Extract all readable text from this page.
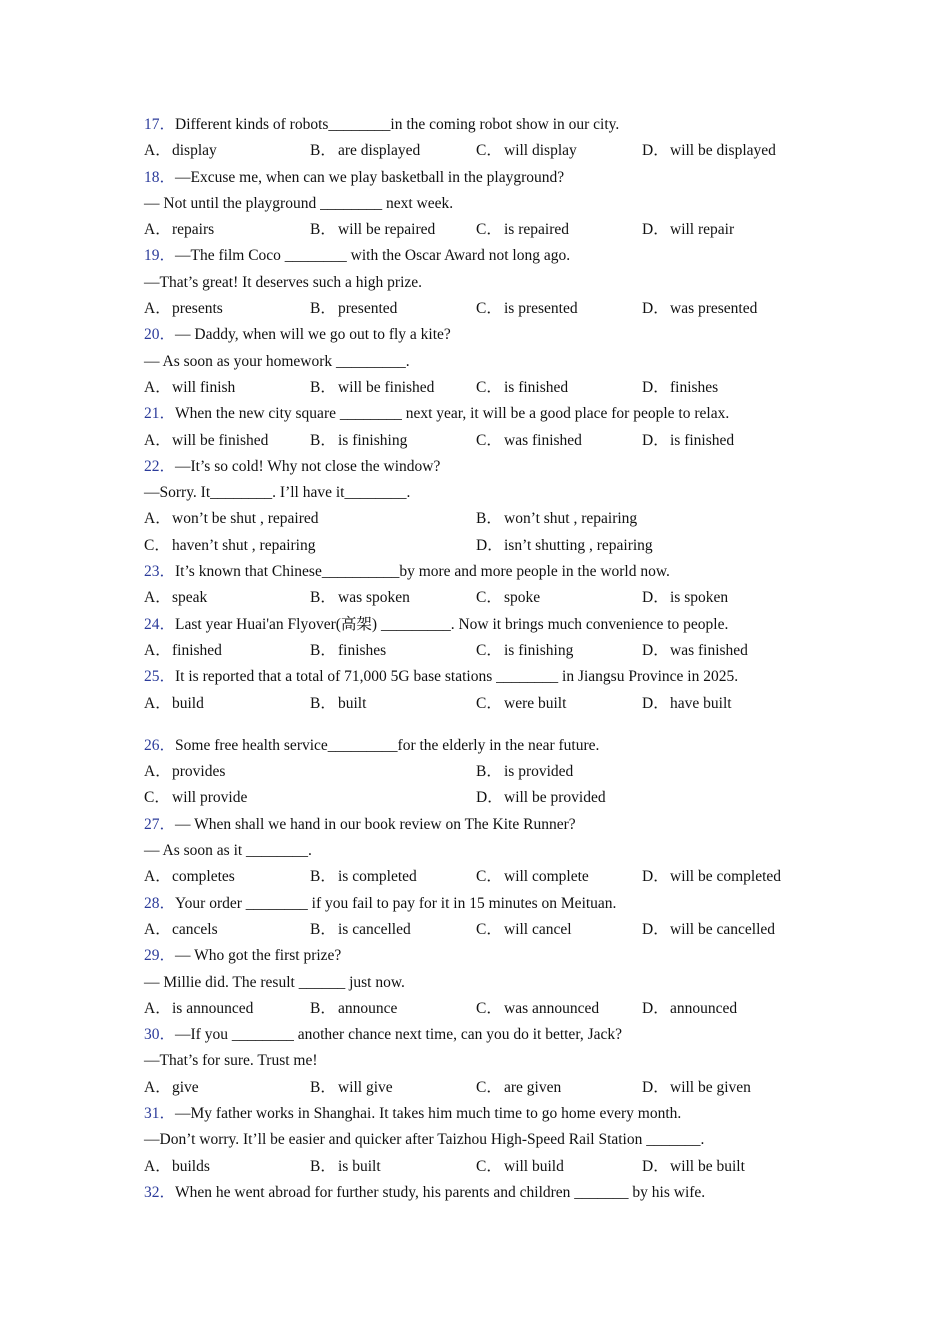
17．Different kinds of robots________in the coming robot show in our city.
A．display	B． are displayed	C． will display	D．will be displayed
18．—Excuse me, when can we play basketball in the playground?
— Not until the playground ________ next week.
A．repairs	B． will be repaired	C． is repaired	D．will repair
19．—The film Coco ________ with the Oscar Award not long ago.
—That’s great! It deserves such a high prize.
A．presents	B． presented	C． is presented	D．was presented
20．— Daddy, when will we go out to fly a kite?
— As soon as your homework _________.
A．will finish	B． will be finished	C． is finished	D．finishes
21．When the new city square ________ next year, it will be a good place for people to relax.
A．will be finished	B． is finishing	C． was finished	D．is finished
22．—It’s so cold! Why not close the window?
—Sorry. It________. I’ll have it________.
A．won’t be shut , repaired	B． won’t shut , repairing
C． haven’t shut , repairing	D．isn’t shutting , repairing
23．It’s known that Chinese__________by more and more people in the world now.
A．speak	B． was spoken	C． spoke	D．is spoken
24．Last year Huai'an Flyover(高架) _________. Now it brings much convenience to people.
A．finished	B． finishes	C． is finishing	D．was finished
25．It is reported that a total of 71,000 5G base stations ________ in Jiangsu Province in 2025.
A．build	B． built	C． were built	D．have built
26．Some free health service_________for the elderly in the near future.
A．provides	B． is provided
C． will provide	D．will be provided
27．— When shall we hand in our book review on The Kite Runner?
— As soon as it ________.
A．completes	B． is completed	C． will complete	D．will be completed
28．Your order ________ if you fail to pay for it in 15 minutes on Meituan.
A．cancels	B． is cancelled	C． will cancel	D．will be cancelled
29．— Who got the first prize?
— Millie did. The result ______ just now.
A．is announced	B． announce	C． was announced	D．announced
30．—If you ________ another chance next time, can you do it better, Jack?
—That’s for sure. Trust me!
A．give	B． will give	C． are given	D．will be given
31．—My father works in Shanghai. It takes him much time to go home every month.
—Don’t worry. It’ll be easier and quicker after Taizhou High-Speed Rail Station _______.
A．builds	B． is built	C． will build	D．will be built
32．When he went abroad for further study, his parents and children _______ by his wife.
